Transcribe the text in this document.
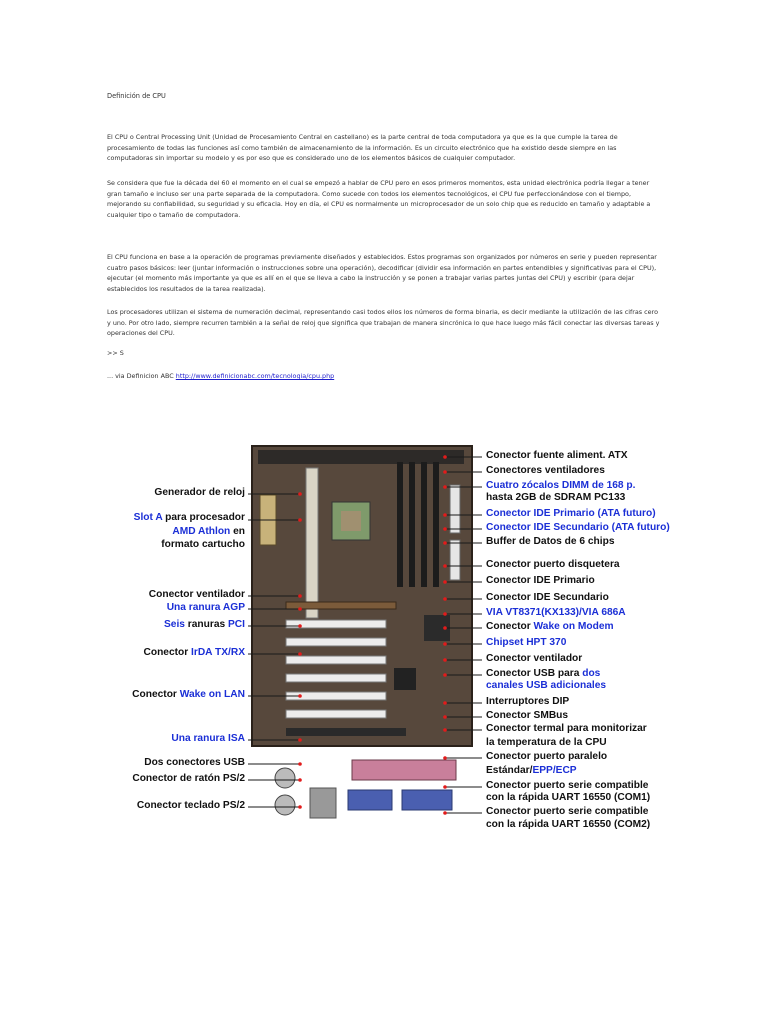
Definición de CPU
El CPU o Central Processing Unit (Unidad de Procesamiento Central en castellano) es la parte central de toda computadora ya que es la que cumple la tarea de procesamiento de todas las funciones así como también de almacenamiento de la información. Es un circuito electrónico que ha existido desde siempre en las computadoras sin importar su modelo y es por eso que es considerado uno de los elementos básicos de cualquier computador.
Se considera que fue la década del 60 el momento en el cual se empezó a hablar de CPU pero en esos primeros momentos, esta unidad electrónica podría llegar a tener gran tamaño e incluso ser una parte separada de la computadora. Como sucede con todos los elementos tecnológicos, el CPU fue perfeccionándose con el tiempo, mejorando su confiabilidad, su seguridad y su eficacia. Hoy en día, el CPU es normalmente un microprocesador de un solo chip que es reducido en tamaño y adaptable a cualquier tipo o tamaño de computadora.
El CPU funciona en base a la operación de programas previamente diseñados y establecidos. Estos programas son organizados por números en serie y pueden representar cuatro pasos básicos: leer (juntar información o instrucciones sobre una operación), decodificar (dividir esa información en partes entendibles y significativas para el CPU), ejecutar (el momento más importante ya que es allí en el que se lleva a cabo la instrucción y se ponen a trabajar varias partes juntas del CPU) y escribir (para dejar establecidos los resultados de la tarea realizada).
Los procesadores utilizan el sistema de numeración decimal, representando casi todos ellos los números de forma binaria, es decir mediante la utilización de las cifras cero y uno. Por otro lado, siempre recurren también a la señal de reloj que significa que trabajan de manera sincrónica lo que hace luego más fácil conectar las diversas tareas y operaciones del CPU.
>> S
... via Definicion ABC http://www.definicionabc.com/tecnologia/cpu.php
Generador de reloj
Slot A para procesador
AMD Athlon en
formato cartucho
Conector ventilador
Una ranura AGP
Seis ranuras PCI
Conector IrDA TX/RX
Conector Wake on LAN
Una ranura ISA
Dos conectores USB
Conector de ratón PS/2
Conector teclado PS/2
Conector fuente aliment. ATX
Conectores ventiladores
Cuatro zócalos DIMM de 168 p.
hasta 2GB de SDRAM PC133
Conector IDE Primario (ATA futuro)
Conector IDE Secundario (ATA futuro)
Buffer de Datos de 6 chips
Conector puerto disquetera
Conector IDE Primario
Conector IDE Secundario
VIA VT8371(KX133)/VIA 686A
Conector Wake on Modem
Chipset HPT 370
Conector ventilador
Conector USB para dos
canales USB adicionales
Interruptores DIP
Conector SMBus
Conector termal para monitorizar
la temperatura de la CPU
Conector puerto paralelo
Estándar/EPP/ECP
Conector puerto serie compatible
con la rápida UART 16550 (COM1)
Conector puerto serie compatible
con la rápida UART 16550 (COM2)
